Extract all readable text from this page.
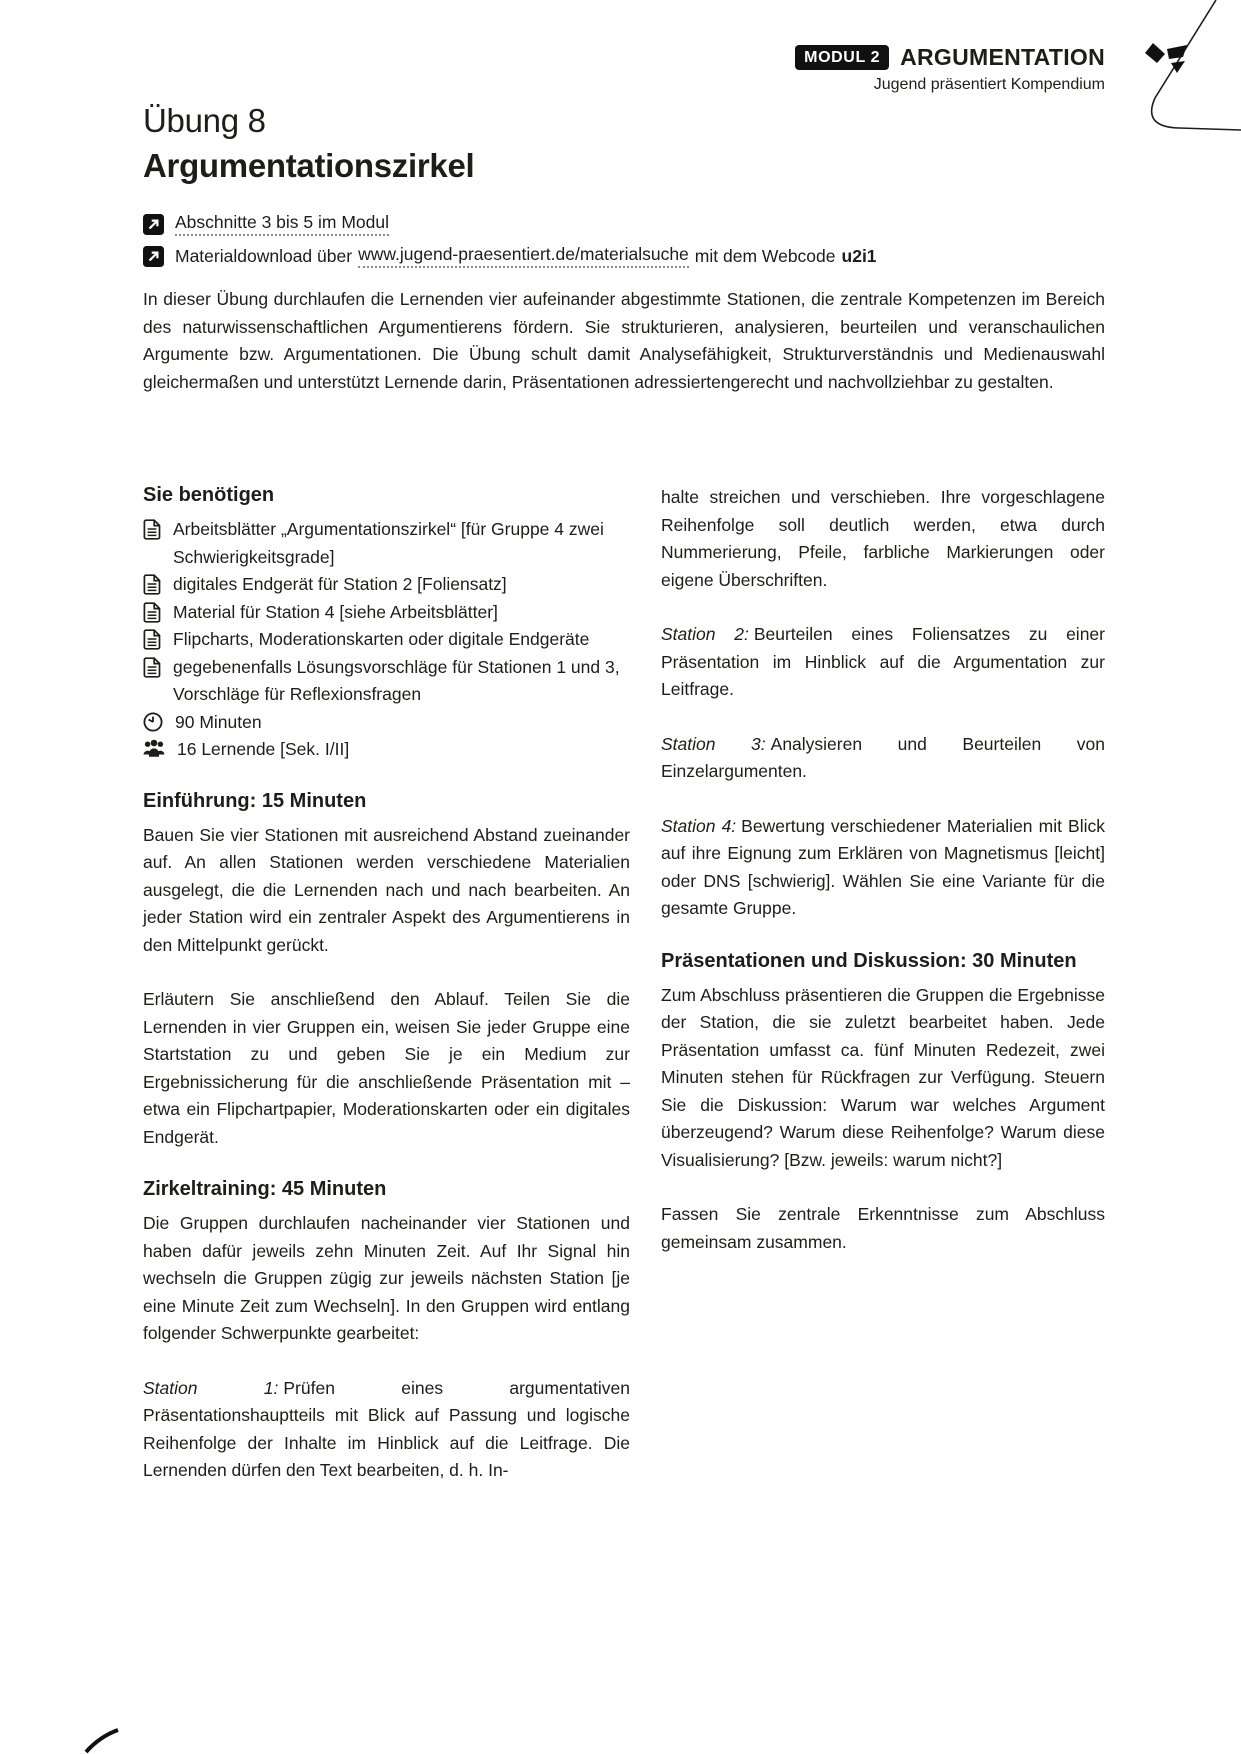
MODUL 2 ARGUMENTATION
Jugend präsentiert Kompendium
Übung 8
Argumentationszirkel
Abschnitte 3 bis 5 im Modul
Materialdownload über www.jugend-praesentiert.de/materialsuche mit dem Webcode u2i1

In dieser Übung durchlaufen die Lernenden vier aufeinander abgestimmte Stationen, die zentrale Kompetenzen im Bereich des naturwissenschaftlichen Argumentierens fördern. Sie strukturieren, analysieren, beurteilen und veranschaulichen Argumente bzw. Argumentationen. Die Übung schult damit Analysefähigkeit, Strukturverständnis und Medienauswahl gleichermaßen und unterstützt Lernende darin, Präsentationen adressiertengerecht und nachvollziehbar zu gestalten.

Sie benötigen
Arbeitsblätter „Argumentationszirkel“ [für Gruppe 4 zwei Schwierigkeitsgrade]
digitales Endgerät für Station 2 [Foliensatz]
Material für Station 4 [siehe Arbeitsblätter]
Flipcharts, Moderationskarten oder digitale Endgeräte
gegebenenfalls Lösungsvorschläge für Stationen 1 und 3, Vorschläge für Reflexionsfragen
90 Minuten
16 Lernende [Sek. I/II]
Einführung: 15 Minuten

Bauen Sie vier Stationen mit ausreichend Abstand zueinander auf. An allen Stationen werden verschiedene Materialien ausgelegt, die die Lernenden nach und nach bearbeiten. An jeder Station wird ein zentraler Aspekt des Argumentierens in den Mittelpunkt gerückt.

Erläutern Sie anschließend den Ablauf. Teilen Sie die Lernenden in vier Gruppen ein, weisen Sie jeder Gruppe eine Startstation zu und geben Sie je ein Medium zur Ergebnissicherung für die anschließende Präsentation mit – etwa ein Flipchartpapier, Moderationskarten oder ein digitales Endgerät.

Zirkeltraining: 45 Minuten

Die Gruppen durchlaufen nacheinander vier Stationen und haben dafür jeweils zehn Minuten Zeit. Auf Ihr Signal hin wechseln die Gruppen zügig zur jeweils nächsten Station [je eine Minute Zeit zum Wechseln]. In den Gruppen wird entlang folgender Schwerpunkte gearbeitet:

Station 1: Prüfen eines argumentativen Präsentationshauptteils mit Blick auf Passung und logische Reihenfolge der Inhalte im Hinblick auf die Leitfrage. Die Lernenden dürfen den Text bearbeiten, d. h. In-

halte streichen und verschieben. Ihre vorgeschlagene Reihenfolge soll deutlich werden, etwa durch Nummerierung, Pfeile, farbliche Markierungen oder eigene Überschriften.

Station 2: Beurteilen eines Foliensatzes zu einer Präsentation im Hinblick auf die Argumentation zur Leitfrage.

Station 3: Analysieren und Beurteilen von Einzelargumenten.

Station 4: Bewertung verschiedener Materialien mit Blick auf ihre Eignung zum Erklären von Magnetismus [leicht] oder DNS [schwierig]. Wählen Sie eine Variante für die gesamte Gruppe.

Präsentationen und Diskussion: 30 Minuten

Zum Abschluss präsentieren die Gruppen die Ergebnisse der Station, die sie zuletzt bearbeitet haben. Jede Präsentation umfasst ca. fünf Minuten Redezeit, zwei Minuten stehen für Rückfragen zur Verfügung. Steuern Sie die Diskussion: Warum war welches Argument überzeugend? Warum diese Reihenfolge? Warum diese Visualisierung? [Bzw. jeweils: warum nicht?]

Fassen Sie zentrale Erkenntnisse zum Abschluss gemeinsam zusammen.
